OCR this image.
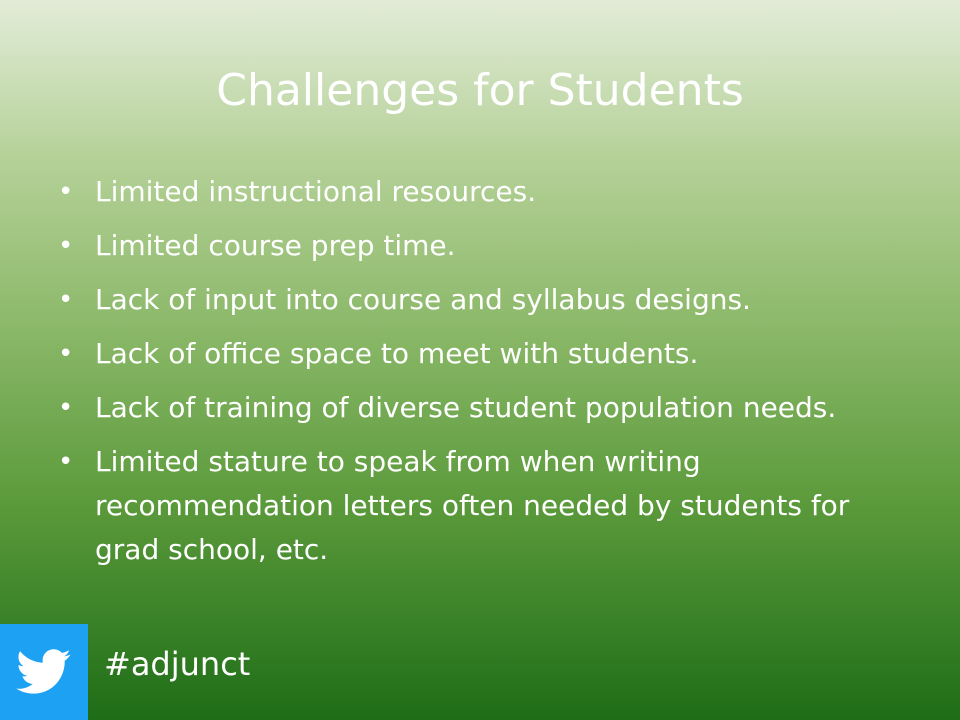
Challenges for Students
• Limited instructional resources.
• Limited course prep time.
• Lack of input into course and syllabus designs.
• Lack of office space to meet with students.
• Lack of training of diverse student population needs.
• Limited stature to speak from when writing recommendation letters often needed by students for grad school, etc.
#adjunct
